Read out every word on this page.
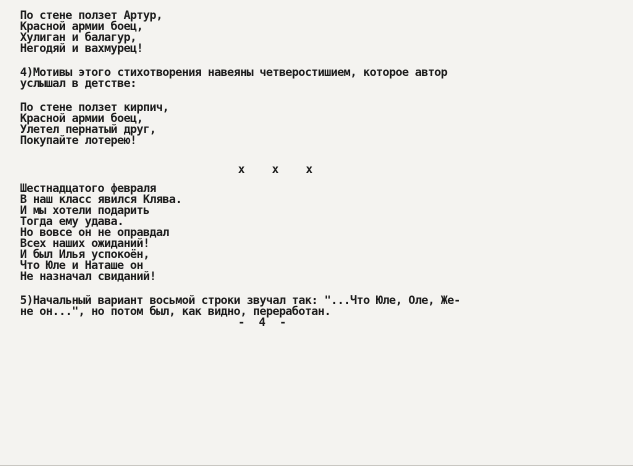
По стене ползет Артур,
Красной армии боец,
Хулиган и балагур,
Негодяй и вахмурец!
4)Мотивы этого стихотворения навеяны четверостишием, которое автор
услышал в детстве:
По стене ползет кирпич,
Красной армии боец,
Улетел пернатый друг,
Покупайте лотерею!
x x x
Шестнадцатого февраля
В наш класс явился Клява.
И мы хотели подарить
Тогда ему удава.
Но вовсе он не оправдал
Всех наших ожиданий!
И был Илья успокоён,
Что Юле и Наташе он
Не назначал свиданий!
5)Начальный вариант восьмой строки звучал так: "...Что Юле, Оле, Же-
не он...", но потом был, как видно, переработан.
-  4  -
